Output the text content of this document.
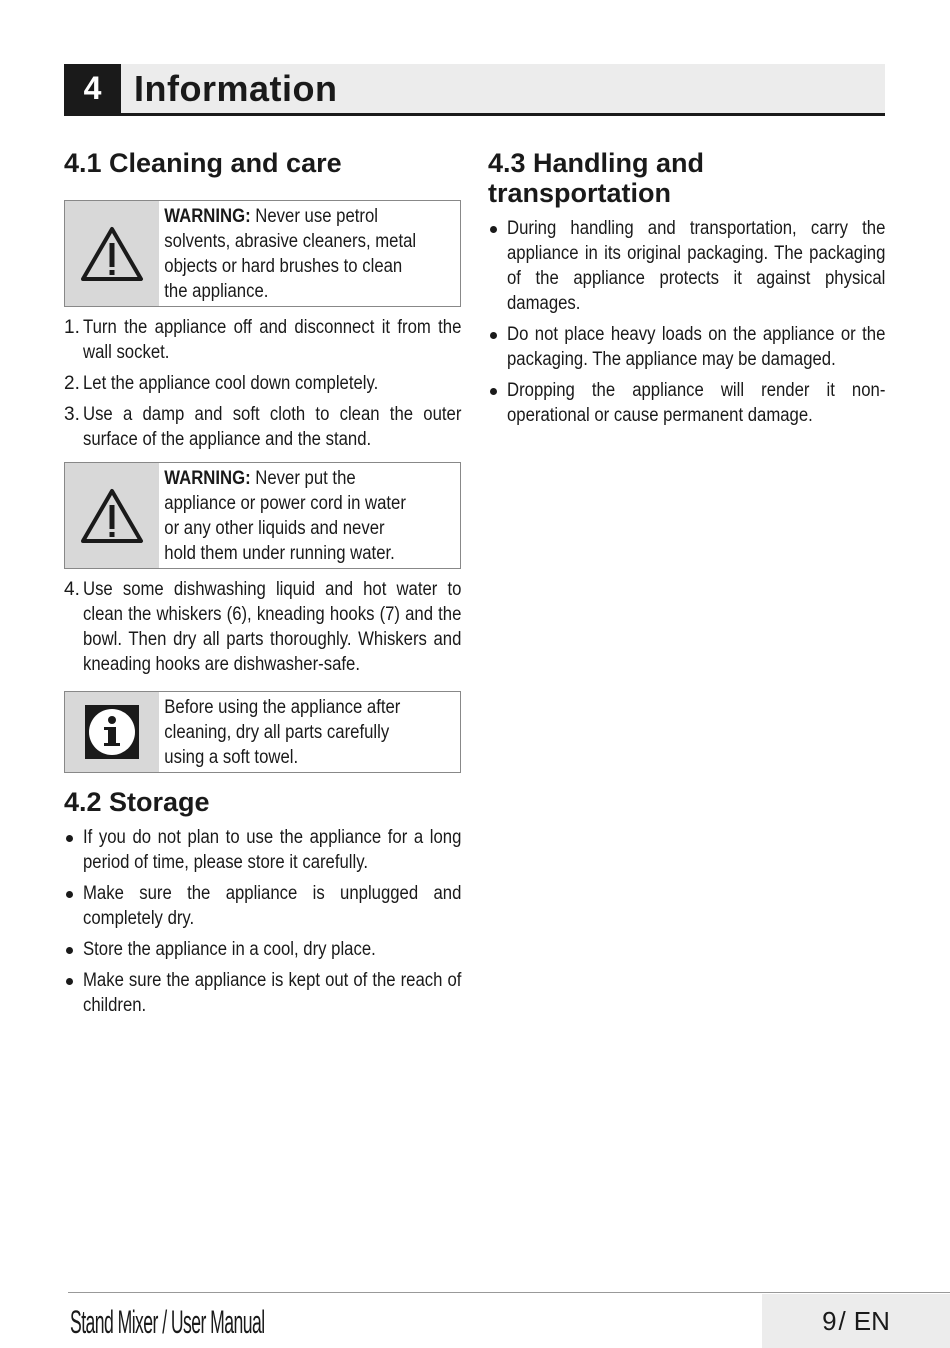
4 Information
4.1 Cleaning and care
WARNING: Never use petrol solvents, abrasive cleaners, metal objects or hard brushes to clean the appliance.
1. Turn the appliance off and disconnect it from the wall socket.
2. Let the appliance cool down completely.
3. Use a damp and soft cloth to clean the outer surface of the appliance and the stand.
WARNING: Never put the appliance or power cord in water or any other liquids and never hold them under running water.
4. Use some dishwashing liquid and hot water to clean the whiskers (6), kneading hooks (7) and the bowl. Then dry all parts thoroughly. Whiskers and kneading hooks are dishwasher-safe.
Before using the appliance after cleaning, dry all parts carefully using a soft towel.
4.2 Storage
If you do not plan to use the appliance for a long period of time, please store it carefully.
Make sure the appliance is unplugged and completely dry.
Store the appliance in a cool, dry place.
Make sure the appliance is kept out of the reach of children.
4.3 Handling and transportation
During handling and transportation, carry the appliance in its original packaging. The packaging of the appliance protects it against physical damages.
Do not place heavy loads on the appliance or the packaging. The appliance may be damaged.
Dropping the appliance will render it non-operational or cause permanent damage.
Stand Mixer / User Manual	9 / EN
